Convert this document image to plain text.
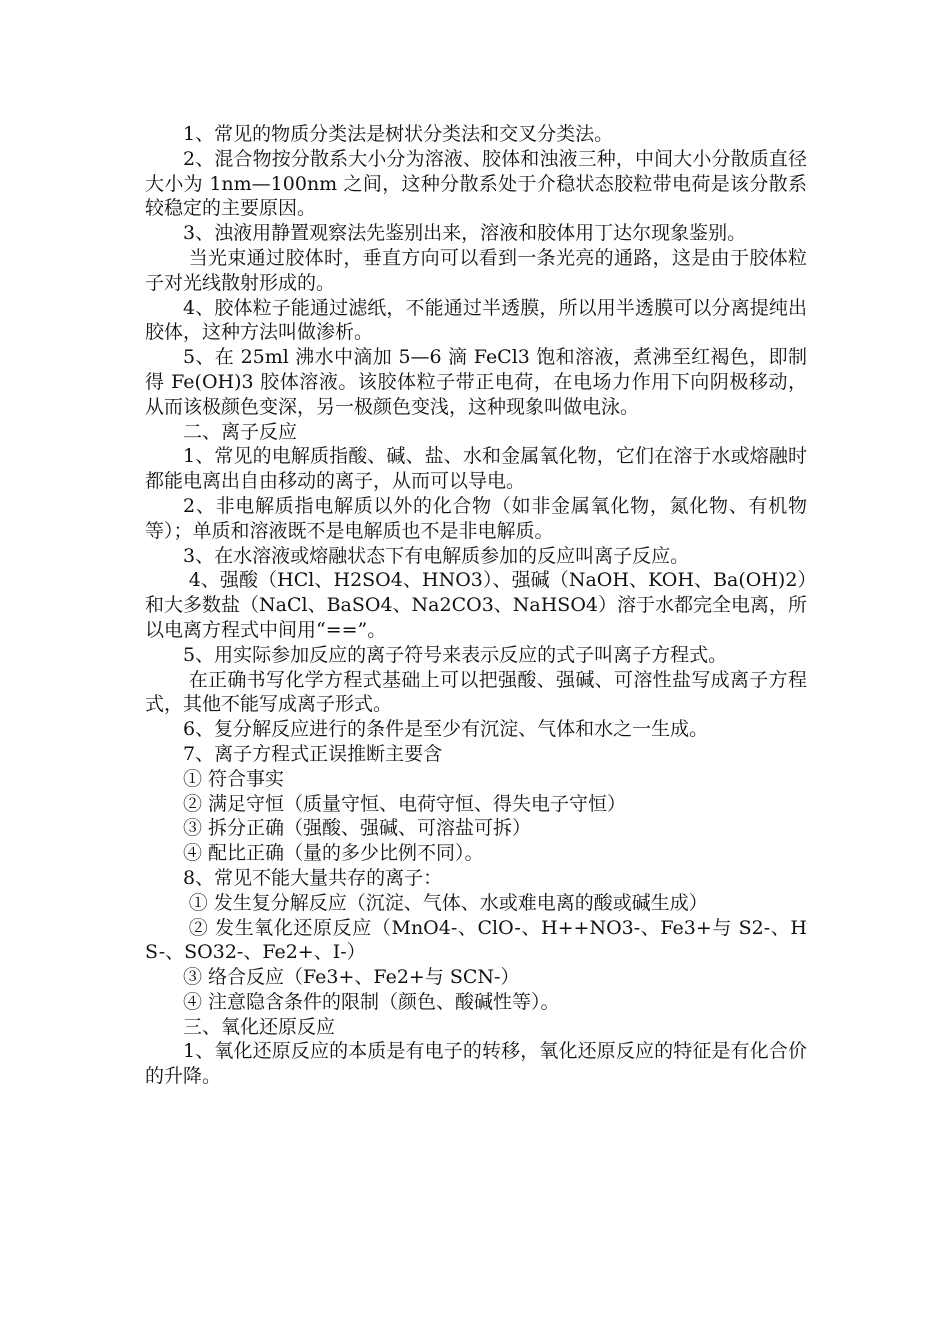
1、常见的物质分类法是树状分类法和交叉分类法。

2、混合物按分散系大小分为溶液、胶体和浊液三种，中间大小分散质直径大小为 1nm—100nm 之间，这种分散系处于介稳状态胶粒带电荷是该分散系较稳定的主要原因。

3、浊液用静置观察法先鉴别出来，溶液和胶体用丁达尔现象鉴别。

当光束通过胶体时，垂直方向可以看到一条光亮的通路，这是由于胶体粒子对光线散射形成的。

4、胶体粒子能通过滤纸，不能通过半透膜，所以用半透膜可以分离提纯出胶体，这种方法叫做渗析。

5、在 25ml 沸水中滴加 5—6 滴 FeCl3 饱和溶液，煮沸至红褐色，即制得 Fe(OH)3 胶体溶液。该胶体粒子带正电荷，在电场力作用下向阴极移动，从而该极颜色变深，另一极颜色变浅，这种现象叫做电泳。

二、离子反应

1、常见的电解质指酸、碱、盐、水和金属氧化物，它们在溶于水或熔融时都能电离出自由移动的离子，从而可以导电。

2、非电解质指电解质以外的化合物（如非金属氧化物，氮化物、有机物等）；单质和溶液既不是电解质也不是非电解质。

3、在水溶液或熔融状态下有电解质参加的反应叫离子反应。

4、强酸（HCl、H2SO4、HNO3）、强碱（NaOH、KOH、Ba(OH)2）和大多数盐（NaCl、BaSO4、Na2CO3、NaHSO4）溶于水都完全电离，所以电离方程式中间用“==”。

5、用实际参加反应的离子符号来表示反应的式子叫离子方程式。

在正确书写化学方程式基础上可以把强酸、强碱、可溶性盐写成离子方程式，其他不能写成离子形式。

6、复分解反应进行的条件是至少有沉淀、气体和水之一生成。

7、离子方程式正误推断主要含

① 符合事实

② 满足守恒（质量守恒、电荷守恒、得失电子守恒）

③ 拆分正确（强酸、强碱、可溶盐可拆）

④ 配比正确（量的多少比例不同）。

8、常见不能大量共存的离子：

① 发生复分解反应（沉淀、气体、水或难电离的酸或碱生成）

② 发生氧化还原反应（MnO4-、ClO-、H++NO3-、Fe3+与 S2-、HS-、SO32-、Fe2+、I-）

③ 络合反应（Fe3+、Fe2+与 SCN-）

④ 注意隐含条件的限制（颜色、酸碱性等）。

三、氧化还原反应

1、氧化还原反应的本质是有电子的转移，氧化还原反应的特征是有化合价的升降。
